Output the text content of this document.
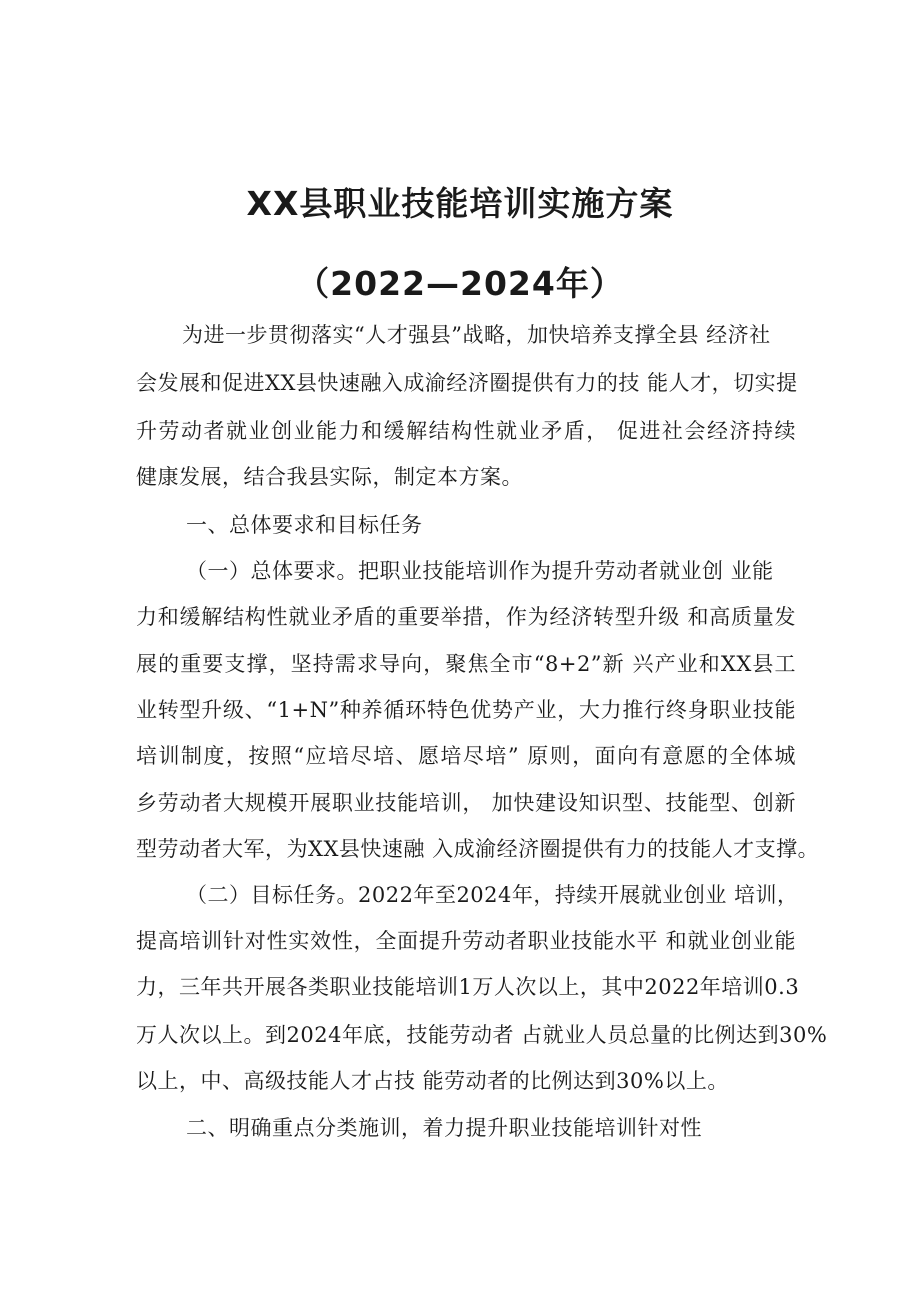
XX县职业技能培训实施方案
（2022—2024年）
为进一步贯彻落实“人才强县”战略，加快培养支撑全县 经济社
会发展和促进XX县快速融入成渝经济圈提供有力的技 能人才，切实提
升劳动者就业创业能力和缓解结构性就业矛盾， 促进社会经济持续
健康发展，结合我县实际，制定本方案。
一、总体要求和目标任务
（一）总体要求。把职业技能培训作为提升劳动者就业创 业能
力和缓解结构性就业矛盾的重要举措，作为经济转型升级 和高质量发
展的重要支撑，坚持需求导向，聚焦全市“8+2”新 兴产业和XX县工
业转型升级、“1+N”种养循环特色优势产业，大力推行终身职业技能
培训制度，按照“应培尽培、愿培尽培” 原则，面向有意愿的全体城
乡劳动者大规模开展职业技能培训， 加快建设知识型、技能型、创新
型劳动者大军，为XX县快速融 入成渝经济圈提供有力的技能人才支撑。
（二）目标任务。2022年至2024年，持续开展就业创业 培训，
提高培训针对性实效性，全面提升劳动者职业技能水平 和就业创业能
力，三年共开展各类职业技能培训1万人次以上，其中2022年培训0.3
万人次以上。到2024年底，技能劳动者 占就业人员总量的比例达到30%
以上，中、高级技能人才占技 能劳动者的比例达到30%以上。
二、明确重点分类施训，着力提升职业技能培训针对性
